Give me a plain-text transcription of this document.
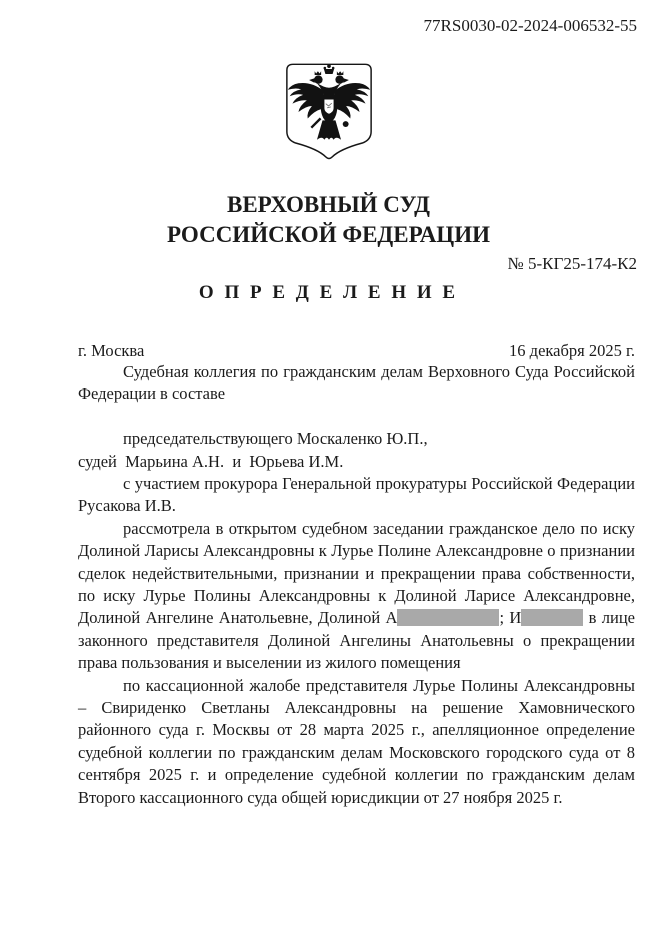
77RS0030-02-2024-006532-55
ВЕРХОВНЫЙ СУД
РОССИЙСКОЙ ФЕДЕРАЦИИ
№ 5-КГ25-174-К2
О П Р Е Д Е Л Е Н И Е
г. Москва	16 декабря 2025 г.

Судебная коллегия по гражданским делам Верховного Суда Российской Федерации в составе

председательствующего Москаленко Ю.П.,
судей  Марьина А.Н.  и  Юрьева И.М.

с участием прокурора Генеральной прокуратуры Российской Федерации Русакова И.В.

рассмотрела в открытом судебном заседании гражданское дело по иску Долиной Ларисы Александровны к Лурье Полине Александровне о признании сделок недействительными, признании и прекращении права собственности, по иску Лурье Полины Александровны к Долиной Ларисе Александровне, Долиной Ангелине Анатольевне, Долиной А	; И	в лице законного представителя Долиной Ангелины Анатольевны о прекращении права пользования и выселении из жилого помещения

по кассационной жалобе представителя Лурье Полины Александровны – Свириденко Светланы Александровны на решение Хамовнического районного суда г. Москвы от 28 марта 2025 г., апелляционное определение судебной коллегии по гражданским делам Московского городского суда от 8 сентября 2025 г. и определение судебной коллегии по гражданским делам Второго кассационного суда общей юрисдикции от 27 ноября 2025 г.
